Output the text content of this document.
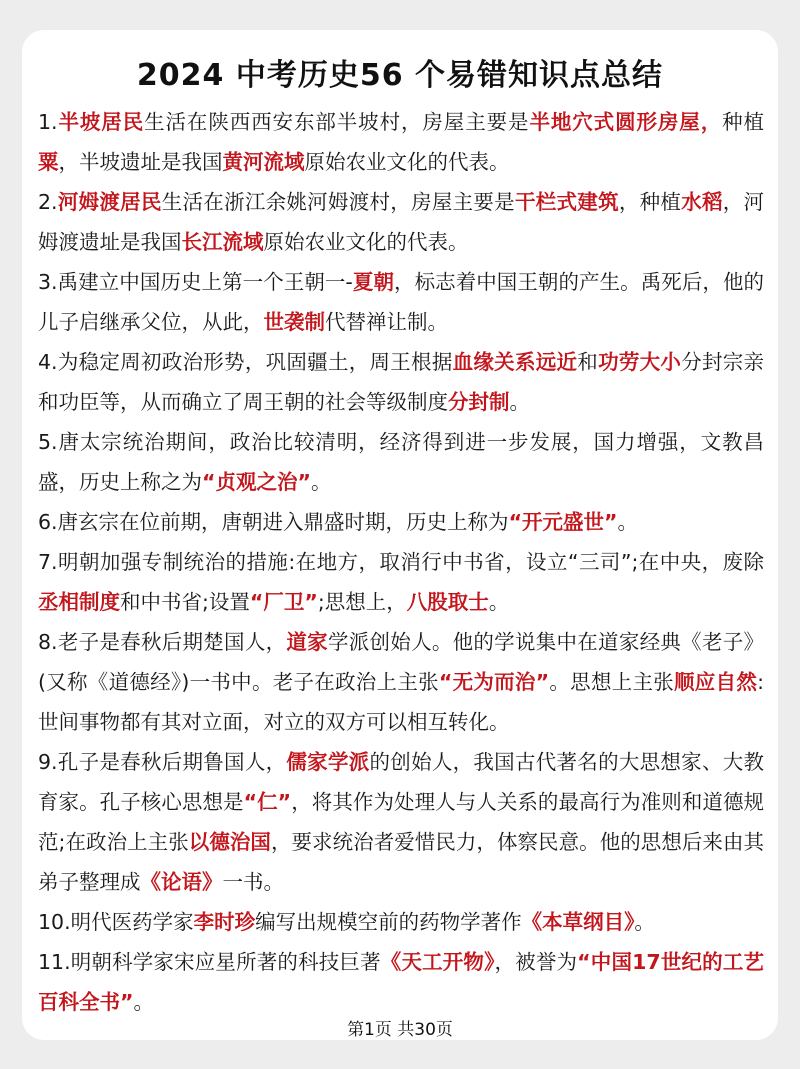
2024 中考历史56 个易错知识点总结

1.半坡居民生活在陕西西安东部半坡村，房屋主要是半地穴式圆形房屋，种植粟，半坡遗址是我国黄河流域原始农业文化的代表。

2.河姆渡居民生活在浙江余姚河姆渡村，房屋主要是干栏式建筑，种植水稻，河姆渡遗址是我国长江流域原始农业文化的代表。

3.禹建立中国历史上第一个王朝一-夏朝，标志着中国王朝的产生。禹死后，他的儿子启继承父位，从此，世袭制代替禅让制。

4.为稳定周初政治形势，巩固疆土，周王根据血缘关系远近和功劳大小分封宗亲和功臣等，从而确立了周王朝的社会等级制度分封制。

5.唐太宗统治期间，政治比较清明，经济得到进一步发展，国力增强，文教昌盛，历史上称之为“贞观之治”。

6.唐玄宗在位前期，唐朝进入鼎盛时期，历史上称为“开元盛世”。

7.明朝加强专制统治的措施:在地方，取消行中书省，设立“三司”;在中央，废除丞相制度和中书省;设置“厂卫”;思想上，八股取士。

8.老子是春秋后期楚国人，道家学派创始人。他的学说集中在道家经典《老子》(又称《道德经》)一书中。老子在政治上主张“无为而治”。思想上主张顺应自然:世间事物都有其对立面，对立的双方可以相互转化。

9.孔子是春秋后期鲁国人，儒家学派的创始人，我国古代著名的大思想家、大教育家。孔子核心思想是“仁”，将其作为处理人与人关系的最高行为准则和道德规范;在政治上主张以德治国，要求统治者爱惜民力，体察民意。他的思想后来由其弟子整理成《论语》一书。

10.明代医药学家李时珍编写出规模空前的药物学著作《本草纲目》。

11.明朝科学家宋应星所著的科技巨著《天工开物》，被誉为“中国17世纪的工艺百科全书”。

第1页 共30页
